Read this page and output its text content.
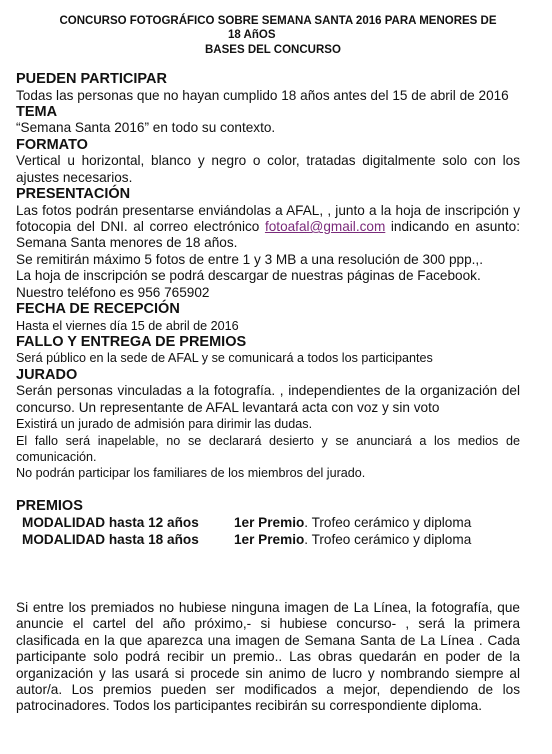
CONCURSO FOTOGRÁFICO SOBRE SEMANA SANTA 2016 PARA MENORES DE
18 AñOS
BASES DEL CONCURSO

PUEDEN PARTICIPAR

Todas las personas que no hayan cumplido 18 años antes del 15 de abril de 2016

TEMA

“Semana Santa 2016” en todo su contexto.

FORMATO

Vertical u horizontal, blanco y negro o color, tratadas digitalmente solo con los ajustes necesarios.

PRESENTACIÓN

Las fotos podrán presentarse enviándolas a AFAL, , junto a la hoja de inscripción y fotocopia del DNI. al correo electrónico fotoafal@gmail.com indicando en asunto: Semana Santa menores de 18 años.

Se remitirán máximo 5 fotos de entre 1 y 3 MB a una resolución de 300 ppp.,.

La hoja de inscripción se podrá descargar de nuestras páginas de Facebook.

Nuestro teléfono es 956 765902

FECHA DE RECEPCIÓN

Hasta el viernes día 15 de abril de 2016

FALLO Y ENTREGA DE PREMIOS

Será público en la sede de AFAL y se comunicará a todos los participantes

JURADO

Serán personas vinculadas a la fotografía. , independientes de la organización del concurso. Un representante de AFAL levantará acta con voz y sin voto

Existirá un jurado de admisión para dirimir las dudas.

El fallo será inapelable, no se declarará desierto y se anunciará a los medios de comunicación.

No podrán participar los familiares de los miembros del jurado.

PREMIOS

MODALIDAD hasta 12 años	1er Premio . Trofeo cerámico y diploma
MODALIDAD hasta 18 años	1er Premio . Trofeo cerámico y diploma

Si entre los premiados no hubiese ninguna imagen de La Línea, la fotografía, que anuncie el cartel del año próximo,- si hubiese concurso- , será la primera clasificada en la que aparezca una imagen de Semana Santa de La Línea . Cada participante solo podrá recibir un premio.. Las obras quedarán en poder de la organización y las usará si procede sin animo de lucro y nombrando siempre al autor/a. Los premios pueden ser modificados a mejor, dependiendo de los patrocinadores. Todos los participantes recibirán su correspondiente diploma.
